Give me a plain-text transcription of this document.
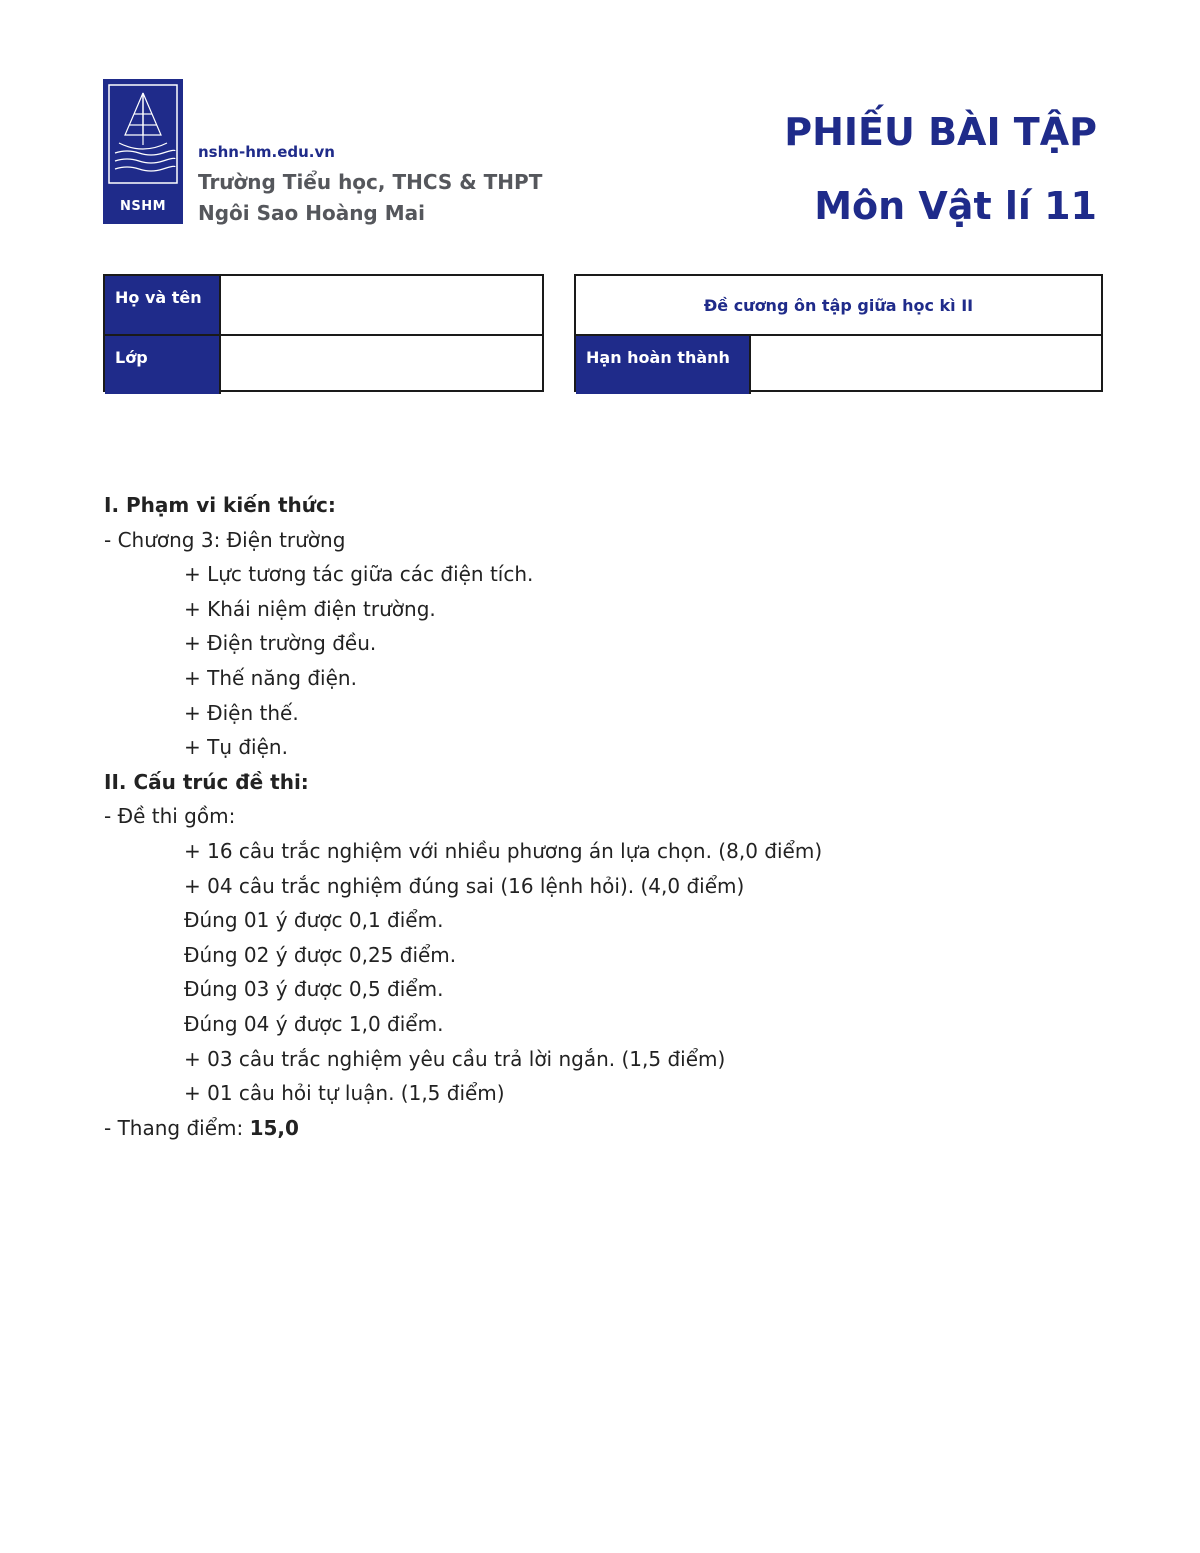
NSHM
nshn-hm.edu.vn
Trường Tiểu học, THCS & THPT
Ngôi Sao Hoàng Mai
PHIẾU BÀI TẬP
Môn Vật lí 11
Họ và tên
Lớp
Đề cương ôn tập giữa học kì II
Hạn hoàn thành
I. Phạm vi kiến thức:
- Chương 3: Điện trường
+ Lực tương tác giữa các điện tích.
+ Khái niệm điện trường.
+ Điện trường đều.
+ Thế năng điện.
+ Điện thế.
+ Tụ điện.
II. Cấu trúc đề thi:
- Đề thi gồm:
+ 16 câu trắc nghiệm với nhiều phương án lựa chọn. (8,0 điểm)
+ 04 câu trắc nghiệm đúng sai (16 lệnh hỏi). (4,0 điểm)
Đúng 01 ý được 0,1 điểm.
Đúng 02 ý được 0,25 điểm.
Đúng 03 ý được 0,5 điểm.
Đúng 04 ý được 1,0 điểm.
+ 03 câu trắc nghiệm yêu cầu trả lời ngắn. (1,5 điểm)
+ 01 câu hỏi tự luận. (1,5 điểm)
- Thang điểm: 15,0
